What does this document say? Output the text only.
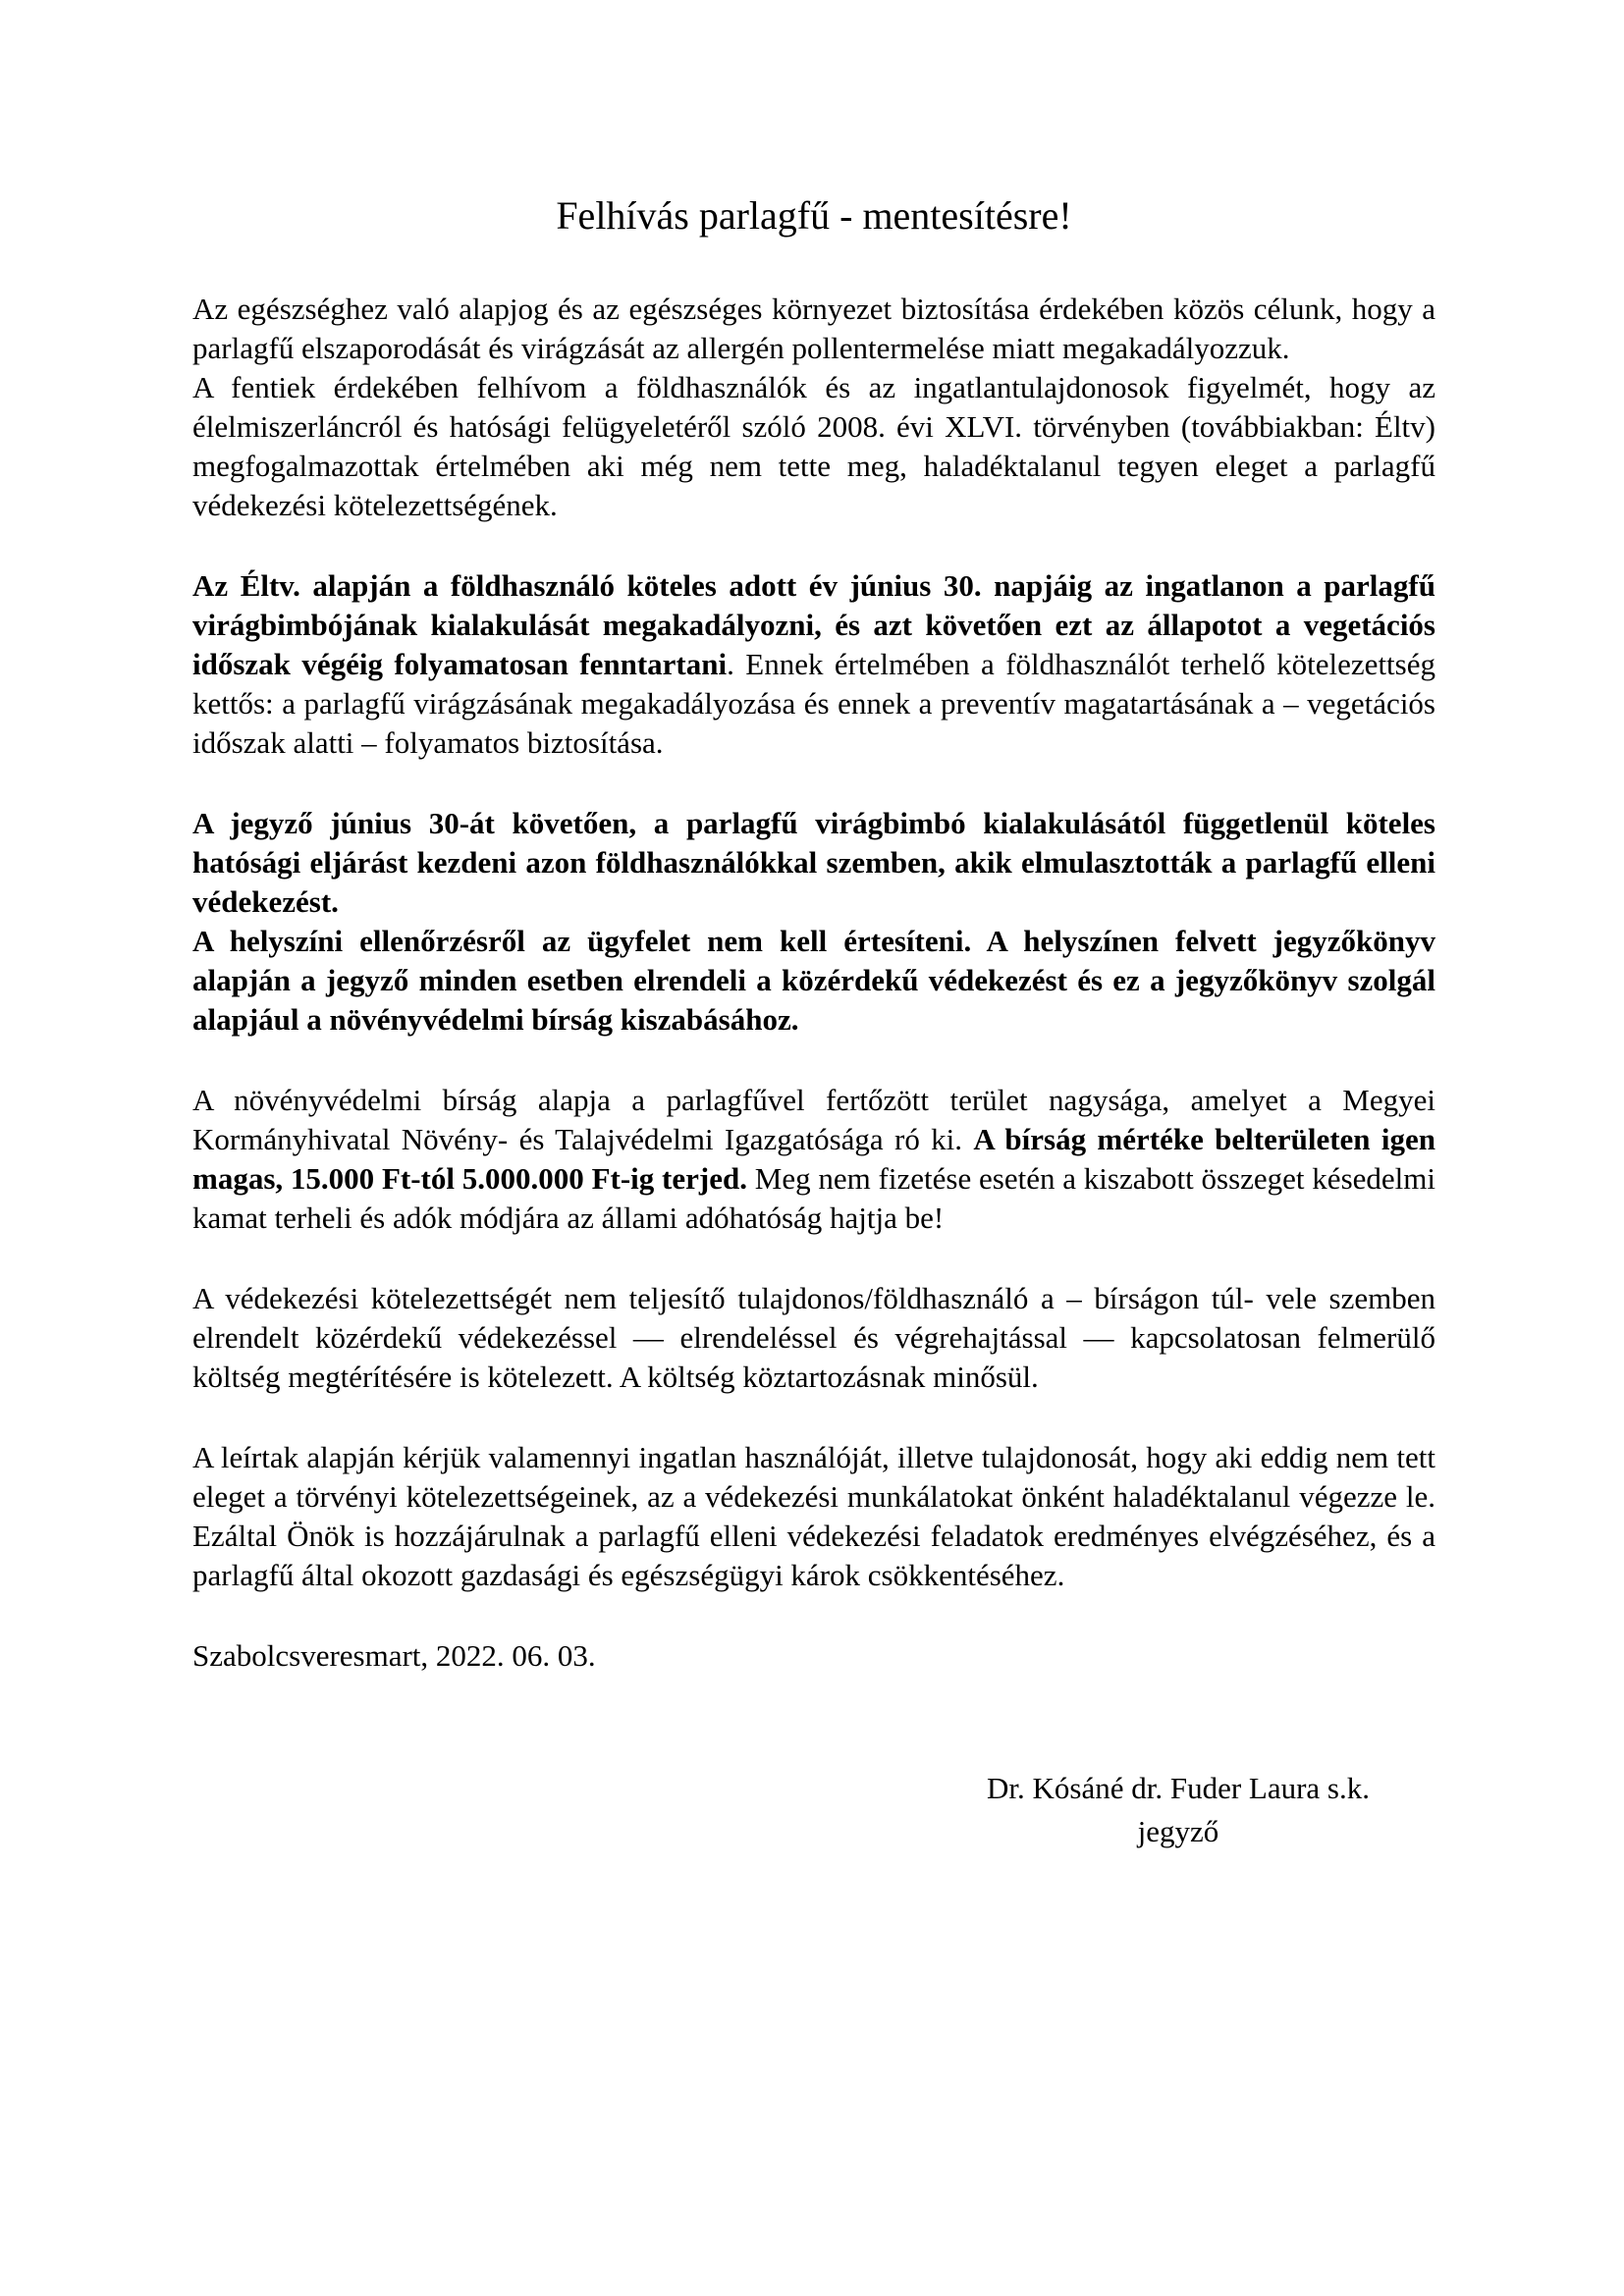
Felhívás parlagfű - mentesítésre!

Az egészséghez való alapjog és az egészséges környezet biztosítása érdekében közös célunk, hogy a parlagfű elszaporodását és virágzását az allergén pollentermelése miatt megakadályozzuk.

A fentiek érdekében felhívom a földhasználók és az ingatlantulajdonosok figyelmét, hogy az élelmiszerláncról és hatósági felügyeletéről szóló 2008. évi XLVI. törvényben (továbbiakban: Éltv) megfogalmazottak értelmében aki még nem tette meg, haladéktalanul tegyen eleget a parlagfű védekezési kötelezettségének.

Az Éltv. alapján a földhasználó köteles adott év június 30. napjáig az ingatlanon a parlagfű virágbimbójának kialakulását megakadályozni, és azt követően ezt az állapotot a vegetációs időszak végéig folyamatosan fenntartani. Ennek értelmében a földhasználót terhelő kötelezettség kettős: a parlagfű virágzásának megakadályozása és ennek a preventív magatartásának a – vegetációs időszak alatti – folyamatos biztosítása.

A jegyző június 30-át követően, a parlagfű virágbimbó kialakulásától függetlenül köteles hatósági eljárást kezdeni azon földhasználókkal szemben, akik elmulasztották a parlagfű elleni védekezést.

A helyszíni ellenőrzésről az ügyfelet nem kell értesíteni. A helyszínen felvett jegyzőkönyv alapján a jegyző minden esetben elrendeli a közérdekű védekezést és ez a jegyzőkönyv szolgál alapjául a növényvédelmi bírság kiszabásához.

A növényvédelmi bírság alapja a parlagfűvel fertőzött terület nagysága, amelyet a Megyei Kormányhivatal Növény- és Talajvédelmi Igazgatósága ró ki. A bírság mértéke belterületen igen magas, 15.000 Ft-tól 5.000.000 Ft-ig terjed. Meg nem fizetése esetén a kiszabott összeget késedelmi kamat terheli és adók módjára az állami adóhatóság hajtja be!

A védekezési kötelezettségét nem teljesítő tulajdonos/földhasználó a – bírságon túl- vele szemben elrendelt közérdekű védekezéssel — elrendeléssel és végrehajtással — kapcsolatosan felmerülő költség megtérítésére is kötelezett. A költség köztartozásnak minősül.

A leírtak alapján kérjük valamennyi ingatlan használóját, illetve tulajdonosát, hogy aki eddig nem tett eleget a törvényi kötelezettségeinek, az a védekezési munkálatokat önként haladéktalanul végezze le. Ezáltal Önök is hozzájárulnak a parlagfű elleni védekezési feladatok eredményes elvégzéséhez, és a parlagfű által okozott gazdasági és egészségügyi károk csökkentéséhez.

Szabolcsveresmart, 2022. 06. 03.

Dr. Kósáné dr. Fuder Laura s.k.

jegyző
